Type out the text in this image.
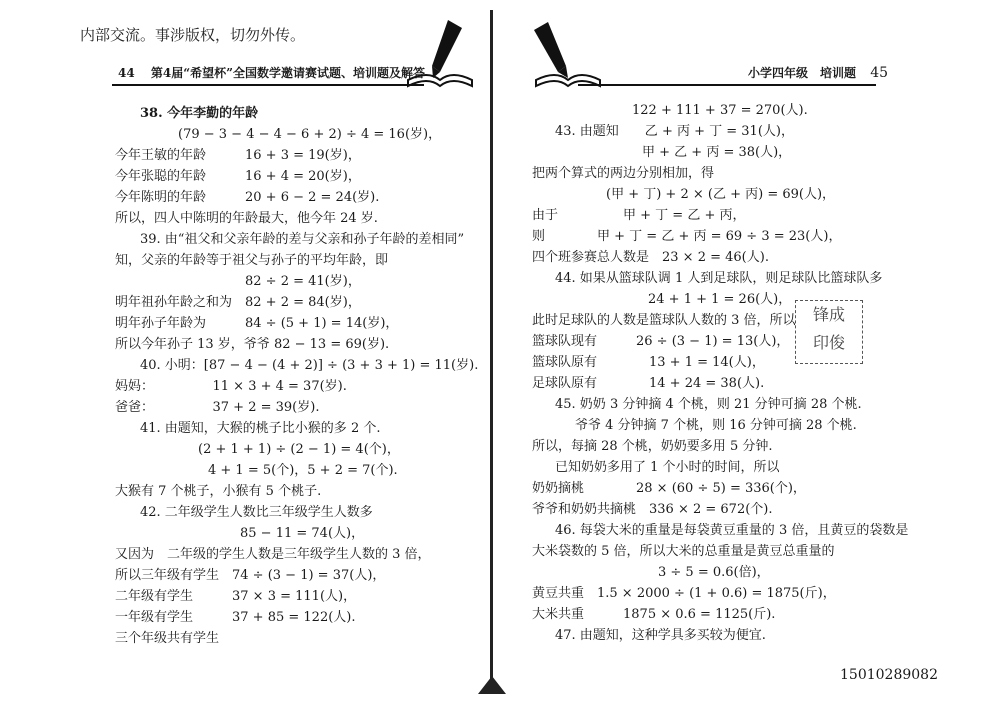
内部交流。事涉版权，切勿外传。
44 第4届“希望杯”全国数学邀请赛试题、培训题及解答	小学四年级　培训题 45
38. 今年李勤的年龄
(79 − 3 − 4 − 4 − 6 + 2) ÷ 4 = 16(岁)，
今年王敏的年龄　　　16 + 3 = 19(岁)，
今年张聪的年龄　　　16 + 4 = 20(岁)，
今年陈明的年龄　　　20 + 6 − 2 = 24(岁).
所以，四人中陈明的年龄最大，他今年 24 岁.
39. 由“祖父和父亲年龄的差与父亲和孙子年龄的差相同”
知，父亲的年龄等于祖父与孙子的平均年龄，即
82 ÷ 2 = 41(岁)，
明年祖孙年龄之和为　82 + 2 = 84(岁)，
明年孙子年龄为　　　84 ÷ (5 + 1) = 14(岁)，
所以今年孙子 13 岁，爷爷 82 − 13 = 69(岁).
40. 小明：[87 − 4 − (4 + 2)] ÷ (3 + 3 + 1) = 11(岁).
妈妈：　　　　　11 × 3 + 4 = 37(岁).
爸爸：　　　　　37 + 2 = 39(岁).
41. 由题知，大猴的桃子比小猴的多 2 个.
(2 + 1 + 1) ÷ (2 − 1) = 4(个)，
4 + 1 = 5(个)，5 + 2 = 7(个).
大猴有 7 个桃子，小猴有 5 个桃子.
42. 二年级学生人数比三年级学生人数多
85 − 11 = 74(人)，
又因为　二年级的学生人数是三年级学生人数的 3 倍，
所以三年级有学生　74 ÷ (3 − 1) = 37(人)，
二年级有学生　　　37 × 3 = 111(人)，
一年级有学生　　　37 + 85 = 122(人).
三个年级共有学生
122 + 111 + 37 = 270(人).
43. 由题知　　乙 + 丙 + 丁 = 31(人)，
甲 + 乙 + 丙 = 38(人)，
把两个算式的两边分别相加，得
(甲 + 丁) + 2 × (乙 + 丙) = 69(人)，
由于　　　　　甲 + 丁 = 乙 + 丙，
则　　　　甲 + 丁 = 乙 + 丙 = 69 ÷ 3 = 23(人)，
四个班参赛总人数是　23 × 2 = 46(人).
44. 如果从篮球队调 1 人到足球队，则足球队比篮球队多
24 + 1 + 1 = 26(人)，
此时足球队的人数是篮球队人数的 3 倍，所以
篮球队现有　　　26 ÷ (3 − 1) = 13(人)，
篮球队原有　　　　13 + 1 = 14(人)，
足球队原有　　　　14 + 24 = 38(人).
45. 奶奶 3 分钟摘 4 个桃，则 21 分钟可摘 28 个桃.
爷爷 4 分钟摘 7 个桃，则 16 分钟可摘 28 个桃.
所以，每摘 28 个桃，奶奶要多用 5 分钟.
已知奶奶多用了 1 个小时的时间，所以
奶奶摘桃　　　　28 × (60 ÷ 5) = 336(个)，
爷爷和奶奶共摘桃　336 × 2 = 672(个).
46. 每袋大米的重量是每袋黄豆重量的 3 倍，且黄豆的袋数是
大米袋数的 5 倍，所以大米的总重量是黄豆总重量的
3 ÷ 5 = 0.6(倍)，
黄豆共重　1.5 × 2000 ÷ (1 + 0.6) = 1875(斤)，
大米共重　　　1875 × 0.6 = 1125(斤).
47. 由题知，这种学具多买较为便宜.
锋成
印俊
15010289082
